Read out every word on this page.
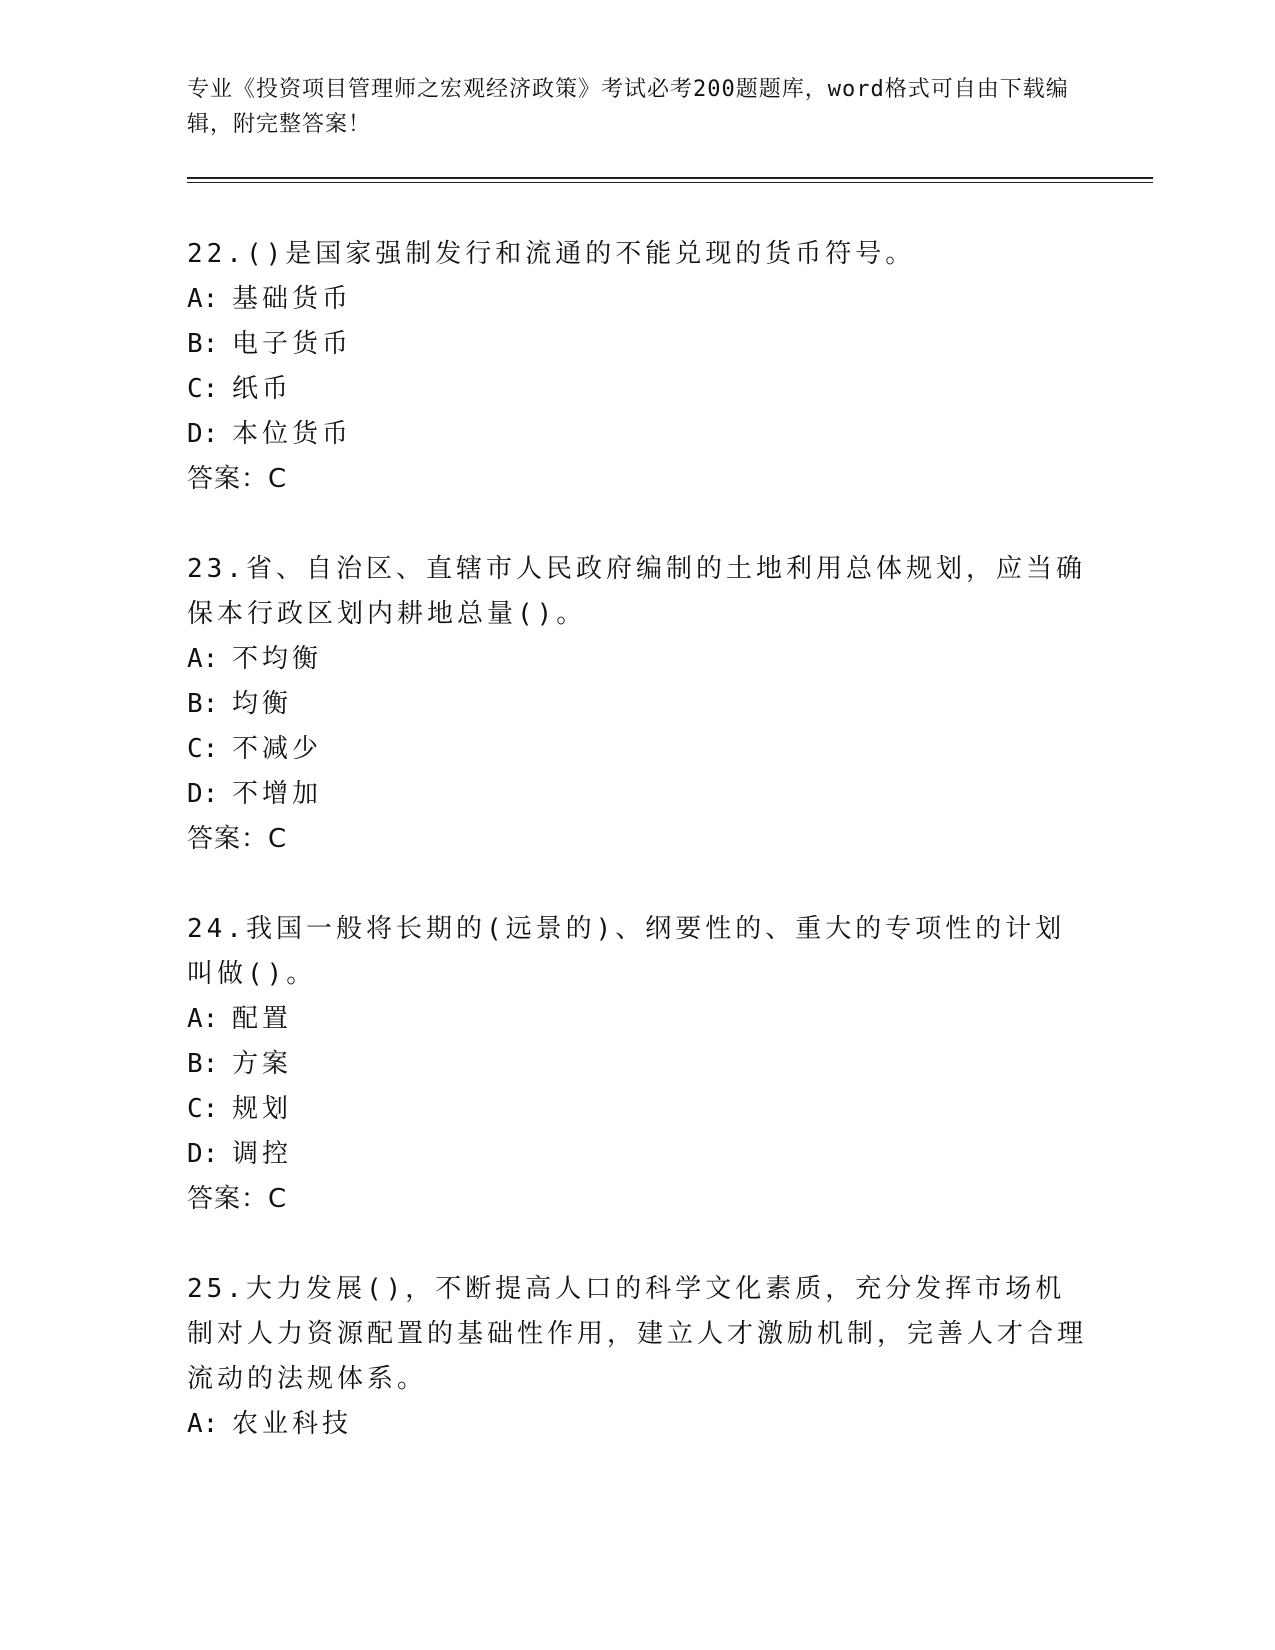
专业《投资项目管理师之宏观经济政策》考试必考200题题库，word格式可自由下载编辑，附完整答案！

22.()是国家强制发行和流通的不能兑现的货币符号。

A: 基础货币

B: 电子货币

C: 纸币

D: 本位货币

答案：C

23.省、自治区、直辖市人民政府编制的土地利用总体规划，应当确保本行政区划内耕地总量()。

A: 不均衡

B: 均衡

C: 不减少

D: 不增加

答案：C

24.我国一般将长期的(远景的)、纲要性的、重大的专项性的计划叫做()。

A: 配置

B: 方案

C: 规划

D: 调控

答案：C

25.大力发展()，不断提高人口的科学文化素质，充分发挥市场机制对人力资源配置的基础性作用，建立人才激励机制，完善人才合理流动的法规体系。

A: 农业科技
